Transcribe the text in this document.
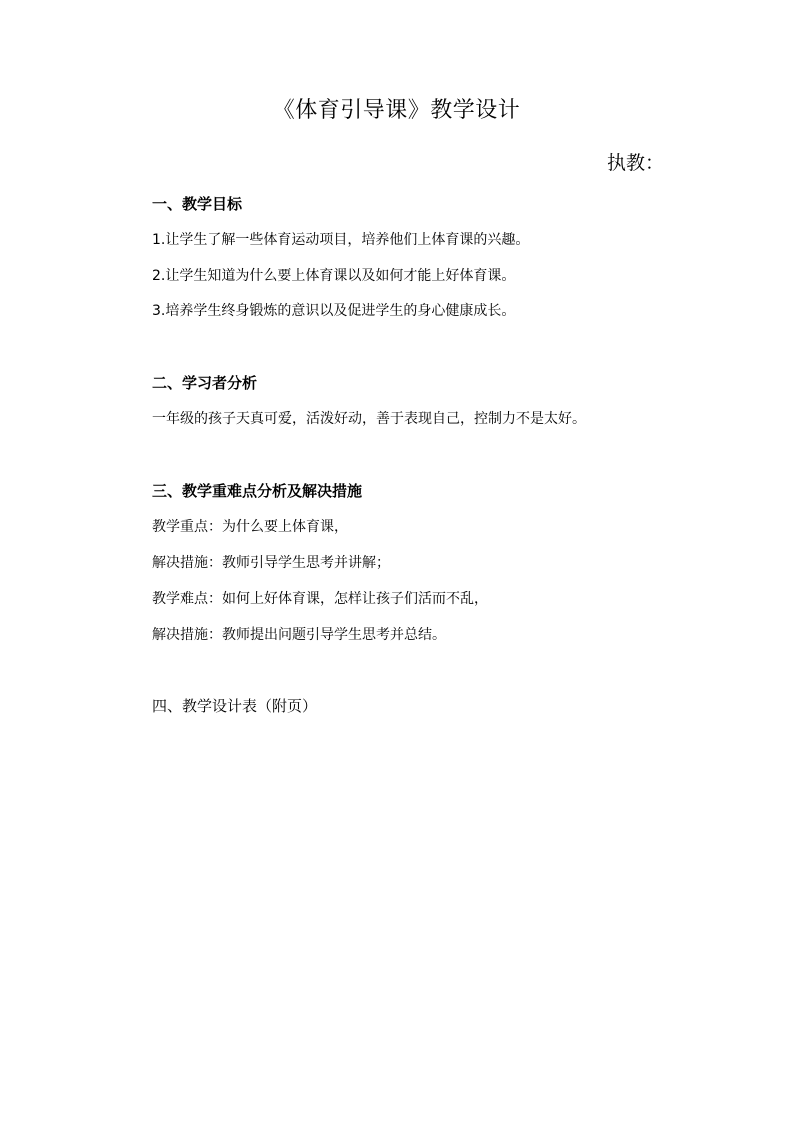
《体育引导课》教学设计
执教：
一、教学目标

1.让学生了解一些体育运动项目，培养他们上体育课的兴趣。

2.让学生知道为什么要上体育课以及如何才能上好体育课。

3.培养学生终身锻炼的意识以及促进学生的身心健康成长。

二、学习者分析

一年级的孩子天真可爱，活泼好动，善于表现自己，控制力不是太好。

三、教学重难点分析及解决措施

教学重点：为什么要上体育课，

解决措施：教师引导学生思考并讲解；

教学难点：如何上好体育课，怎样让孩子们活而不乱，

解决措施：教师提出问题引导学生思考并总结。

四、教学设计表（附页）
